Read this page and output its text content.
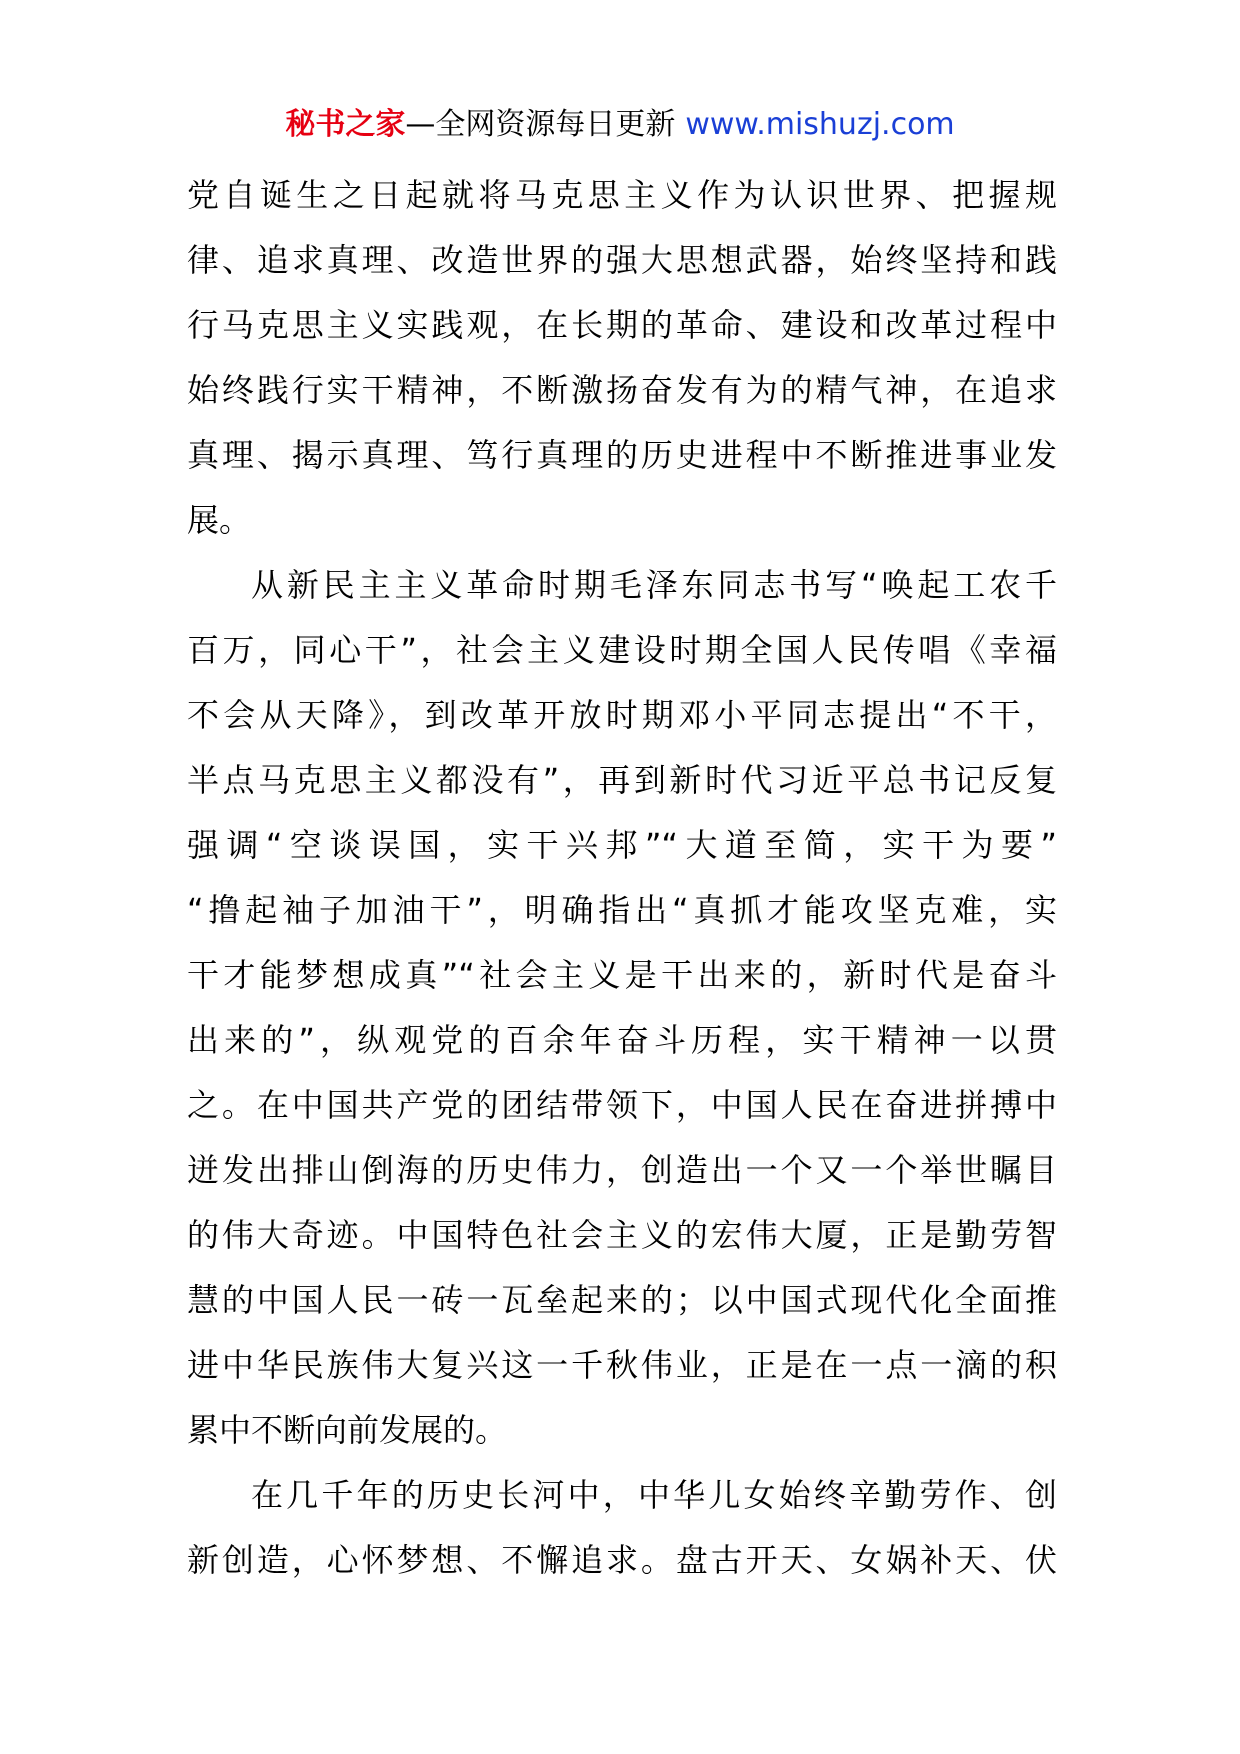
秘书之家—全网资源每日更新 www.mishuzj.com
党自诞生之日起就将马克思主义作为认识世界、把握规
律、追求真理、改造世界的强大思想武器，始终坚持和践
行马克思主义实践观，在长期的革命、建设和改革过程中
始终践行实干精神，不断激扬奋发有为的精气神，在追求
真理、揭示真理、笃行真理的历史进程中不断推进事业发
展。
从新民主主义革命时期毛泽东同志书写“唤起工农千
百万，同心干”，社会主义建设时期全国人民传唱《幸福
不会从天降》，到改革开放时期邓小平同志提出“不干，
半点马克思主义都没有”，再到新时代习近平总书记反复
强调“空谈误国，实干兴邦”“大道至简，实干为要”
“撸起袖子加油干”，明确指出“真抓才能攻坚克难，实
干才能梦想成真”“社会主义是干出来的，新时代是奋斗
出来的”，纵观党的百余年奋斗历程，实干精神一以贯
之。在中国共产党的团结带领下，中国人民在奋进拼搏中
迸发出排山倒海的历史伟力，创造出一个又一个举世瞩目
的伟大奇迹。中国特色社会主义的宏伟大厦，正是勤劳智
慧的中国人民一砖一瓦垒起来的；以中国式现代化全面推
进中华民族伟大复兴这一千秋伟业，正是在一点一滴的积
累中不断向前发展的。
在几千年的历史长河中，中华儿女始终辛勤劳作、创
新创造，心怀梦想、不懈追求。盘古开天、女娲补天、伏
